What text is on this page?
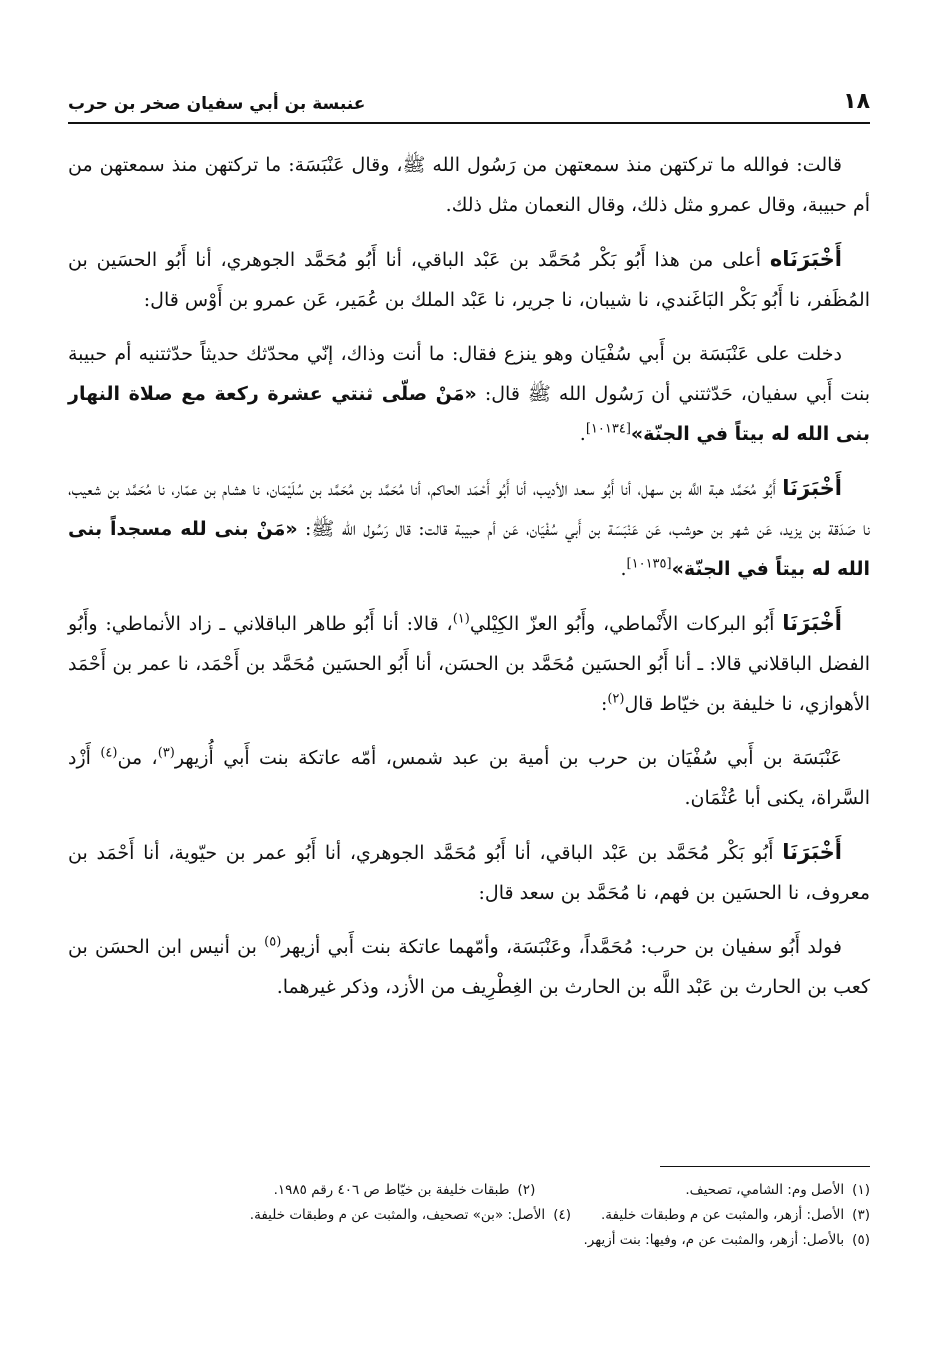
١٨
عنبسة بن أبي سفيان صخر بن حرب

قالت: فوالله ما تركتهن منذ سمعتهن من رَسُول الله ﷺ، وقال عَنْبَسَة: ما تركتهن منذ سمعتهن من أم حبيبة، وقال عمرو مثل ذلك، وقال النعمان مثل ذلك.

أَخْبَرَنَاه أعلى من هذا أَبُو بَكْر مُحَمَّد بن عَبْد الباقي، أنا أَبُو مُحَمَّد الجوهري، أنا أَبُو الحسَين بن المُظَفر، نا أَبُو بَكْر البَاغَندي، نا شيبان، نا جرير، نا عَبْد الملك بن عُمَير، عَن عمرو بن أَوْس قال:

دخلت على عَنْبَسَة بن أَبي سُفْيَان وهو ينزع فقال: ما أنت وذاك، إنّي محدّثك حديثاً حدّثتنيه أم حبيبة بنت أَبي سفيان، حَدّثتني أن رَسُول الله ﷺ قال: «مَنْ صلّى ثنتي عشرة ركعة مع صلاة النهار بنى الله له بيتاً في الجنّة»[١٠١٣٤].

أَخْبَرَنَا أَبُو مُحَمَّد هبة اللَّه بن سهل، أنا أَبُو سعد الأديب، أنا أَبُو أَحْمَد الحاكم، أنا مُحَمَّد بن مُحَمَّد بن سُلَيْمَان، نا هشام بن عمّار، نا مُحَمَّد بن شعيب، نا صَدَقة بن يزيد، عَن شهر بن حوشب، عَن عَنْبَسَة بن أَبي سُفْيَان، عَن أم حبيبة قالت: قال رَسُول الله ﷺ: «مَنْ بنى لله مسجداً بنى الله له بيتاً في الجنّة»[١٠١٣٥].

أَخْبَرَنَا أَبُو البركات الأَنْماطي، وأَبُو العزّ الكِيْلي$^{(١)}$، قالا: أنا أَبُو طاهر الباقلاني ـ زاد الأنماطي: وأَبُو الفضل الباقلاني قالا: ـ أنا أَبُو الحسَين مُحَمَّد بن الحسَن، أنا أَبُو الحسَين مُحَمَّد بن أَحْمَد، نا عمر بن أَحْمَد الأهوازي، نا خليفة بن خيّاط قال$^{(٢)}$:

عَنْبَسَة بن أَبي سُفْيَان بن حرب بن أمية بن عبد شمس، أمّه عاتكة بنت أَبي أُزيهر$^{(٣)}$، من$^{(٤)}$ أَزْد السَّراة، يكنى أبا عُثْمَان.

أَخْبَرَنَا أَبُو بَكْر مُحَمَّد بن عَبْد الباقي، أنا أَبُو مُحَمَّد الجوهري، أنا أَبُو عمر بن حيّوية، أنا أَحْمَد بن معروف، نا الحسَين بن فهم، نا مُحَمَّد بن سعد قال:

فولد أَبُو سفيان بن حرب: مُحَمَّداً، وعَنْبَسَة، وأمّهما عاتكة بنت أَبي أزيهر$^{(٥)}$ بن أنيس ابن الحسَن بن كعب بن الحارث بن عَبْد اللَّه بن الحارث بن الغِطْرِيف من الأزد، وذكر غيرهما.

(١)الأصل وم: الشامي، تصحيف.
(٢)طبقات خليفة بن خيّاط ص ٤٠٦ رقم ١٩٨٥.
(٣)الأصل: أزهر، والمثبت عن م وطبقات خليفة.
(٤)الأصل: «بن» تصحيف، والمثبت عن م وطبقات خليفة.
(٥)بالأصل: أزهر، والمثبت عن م، وفيها: بنت أزيهر.
